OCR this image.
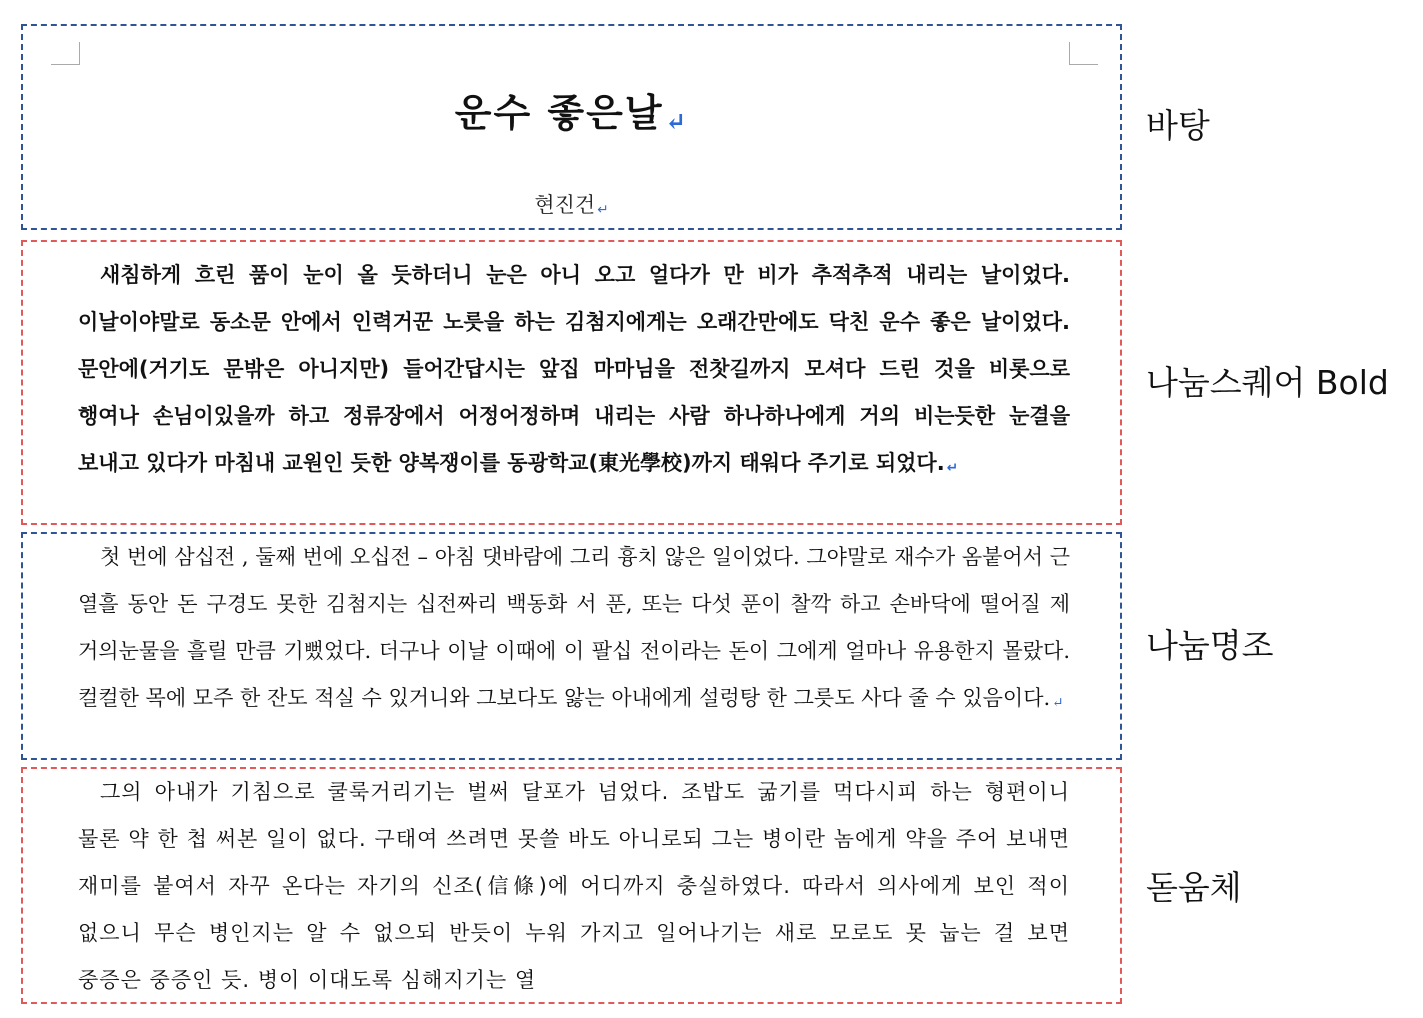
운수 좋은날↵
현진건 ↵
바탕

새침하게 흐린 품이 눈이 올 듯하더니 눈은 아니 오고 얼다가 만 비가 추적추적 내리는 날이었다. 이날이야말로 동소문 안에서 인력거꾼 노릇을 하는 김첨지에게는 오래간만에도 닥친 운수 좋은 날이었다. 문안에(거기도 문밖은 아니지만) 들어간답시는 앞집 마마님을 전찻길까지 모셔다 드린 것을 비롯으로 행여나 손님이있을까 하고 정류장에서 어정어정하며 내리는 사람 하나하나에게 거의 비는듯한 눈결을 보내고 있다가 마침내 교원인 듯한 양복쟁이를 동광학교(東光學校)까지 태워다 주기로 되었다. ↵

나눔스퀘어 Bold

첫 번에 삼십전 , 둘째 번에 오십전 – 아침 댓바람에 그리 흉치 않은 일이었다. 그야말로 재수가 옴붙어서 근 열흘 동안 돈 구경도 못한 김첨지는 십전짜리 백동화 서 푼, 또는 다섯 푼이 찰깍 하고 손바닥에 떨어질 제 거의눈물을 흘릴 만큼 기뻤었다. 더구나 이날 이때에 이 팔십 전이라는 돈이 그에게 얼마나 유용한지 몰랐다. 컬컬한 목에 모주 한 잔도 적실 수 있거니와 그보다도 앓는 아내에게 설렁탕 한 그릇도 사다 줄 수 있음이다. ↵

나눔명조

그의 아내가 기침으로 쿨룩거리기는 벌써 달포가 넘었다. 조밥도 굶기를 먹다시피 하는 형편이니 물론 약 한 첩 써본 일이 없다. 구태여 쓰려면 못쓸 바도 아니로되 그는 병이란 놈에게 약을 주어 보내면 재미를 붙여서 자꾸 온다는 자기의 신조(信條)에 어디까지 충실하였다. 따라서 의사에게 보인 적이 없으니 무슨 병인지는 알 수 없으되 반듯이 누워 가지고 일어나기는 새로 모로도 못 눕는 걸 보면 중증은 중증인 듯. 병이 이대도록 심해지기는 열

돋움체
